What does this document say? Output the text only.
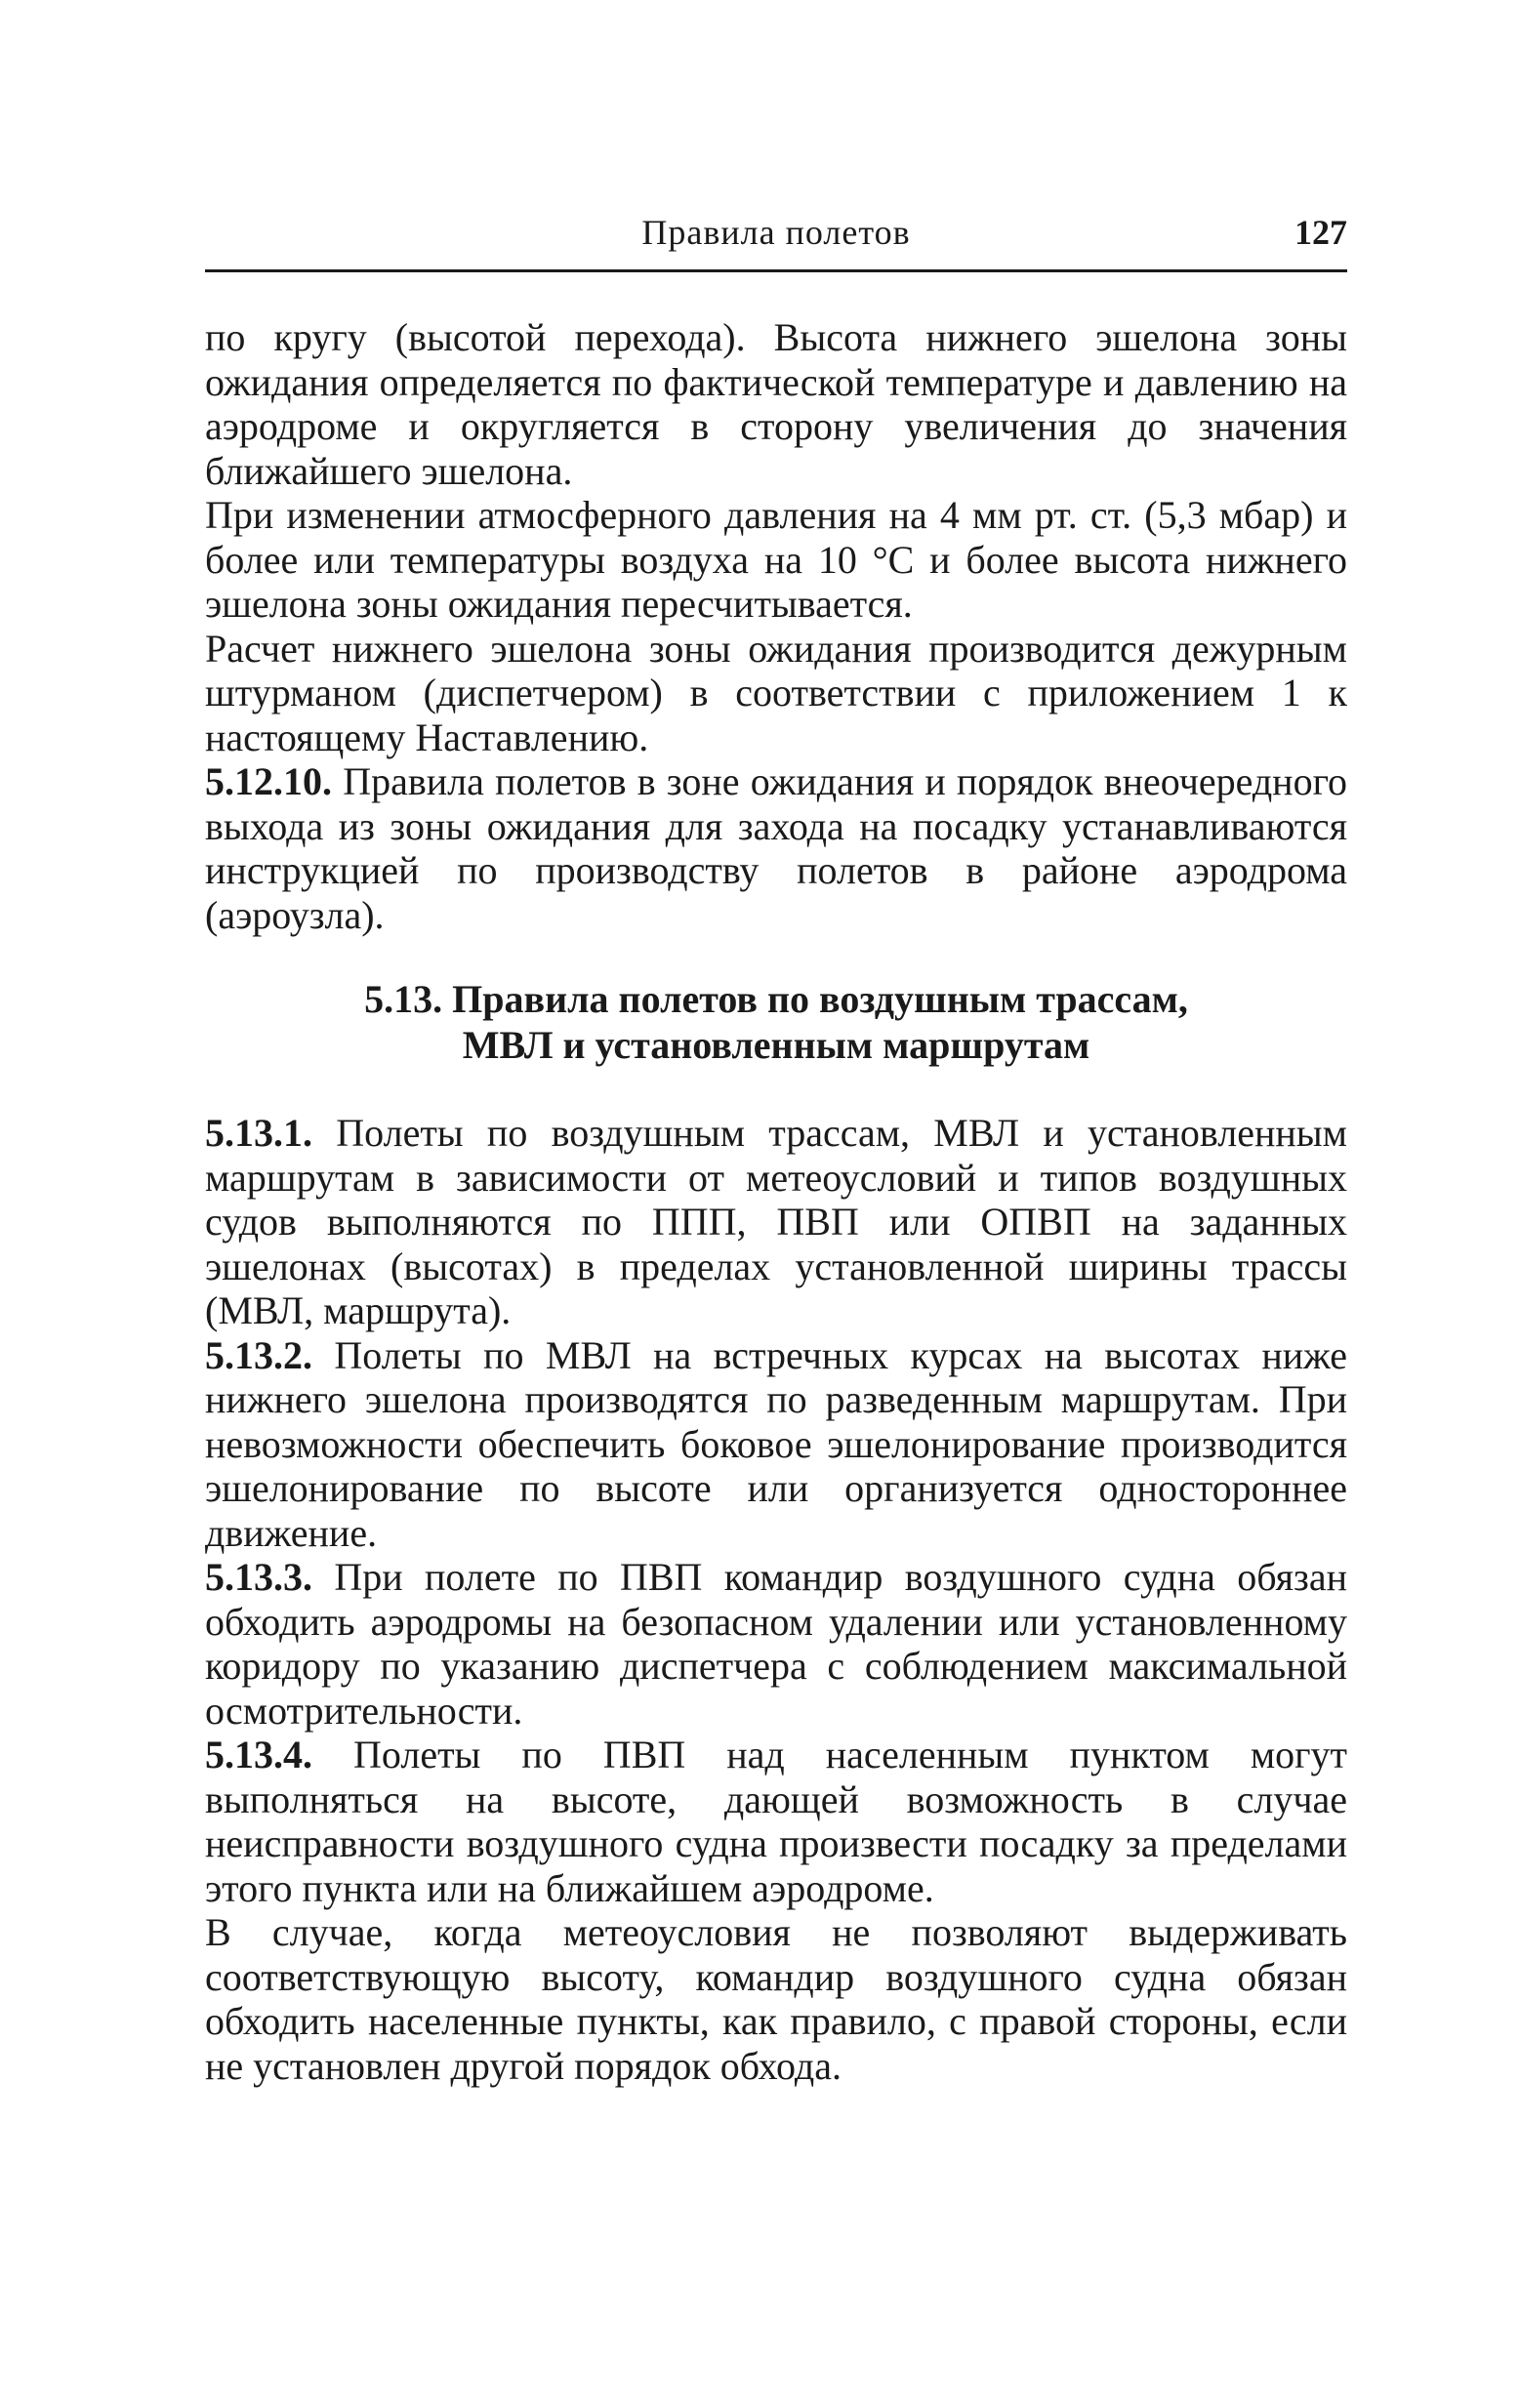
Правила полетов	127

по кругу (высотой перехода). Высота нижнего эшелона зоны ожидания определяется по фактической температуре и давлению на аэродроме и округляется в сторону увеличения до значения ближайшего эшелона.

При изменении атмосферного давления на 4 мм рт. ст. (5,3 мбар) и более или температуры воздуха на 10 °С и более высота нижнего эшелона зоны ожидания пересчитывается.

Расчет нижнего эшелона зоны ожидания производится дежурным штурманом (диспетчером) в соответствии с приложением 1 к настоящему Наставлению.

5.12.10. Правила полетов в зоне ожидания и порядок внеочередного выхода из зоны ожидания для захода на посадку устанавливаются инструкцией по производству полетов в районе аэродрома (аэроузла).

5.13. Правила полетов по воздушным трассам,
МВЛ и установленным маршрутам

5.13.1. Полеты по воздушным трассам, МВЛ и установленным маршрутам в зависимости от метеоусловий и типов воздушных судов выполняются по ППП, ПВП или ОПВП на заданных эшелонах (высотах) в пределах установленной ширины трассы (МВЛ, маршрута).

5.13.2. Полеты по МВЛ на встречных курсах на высотах ниже нижнего эшелона производятся по разведенным маршрутам. При невозможности обеспечить боковое эшелонирование производится эшелонирование по высоте или организуется одностороннее движение.

5.13.3. При полете по ПВП командир воздушного судна обязан обходить аэродромы на безопасном удалении или установленному коридору по указанию диспетчера с соблюдением максимальной осмотрительности.

5.13.4. Полеты по ПВП над населенным пунктом могут выполняться на высоте, дающей возможность в случае неисправности воздушного судна произвести посадку за пределами этого пункта или на ближайшем аэродроме.

В случае, когда метеоусловия не позволяют выдерживать соответствующую высоту, командир воздушного судна обязан обходить населенные пункты, как правило, с правой стороны, если не установлен другой порядок обхода.
